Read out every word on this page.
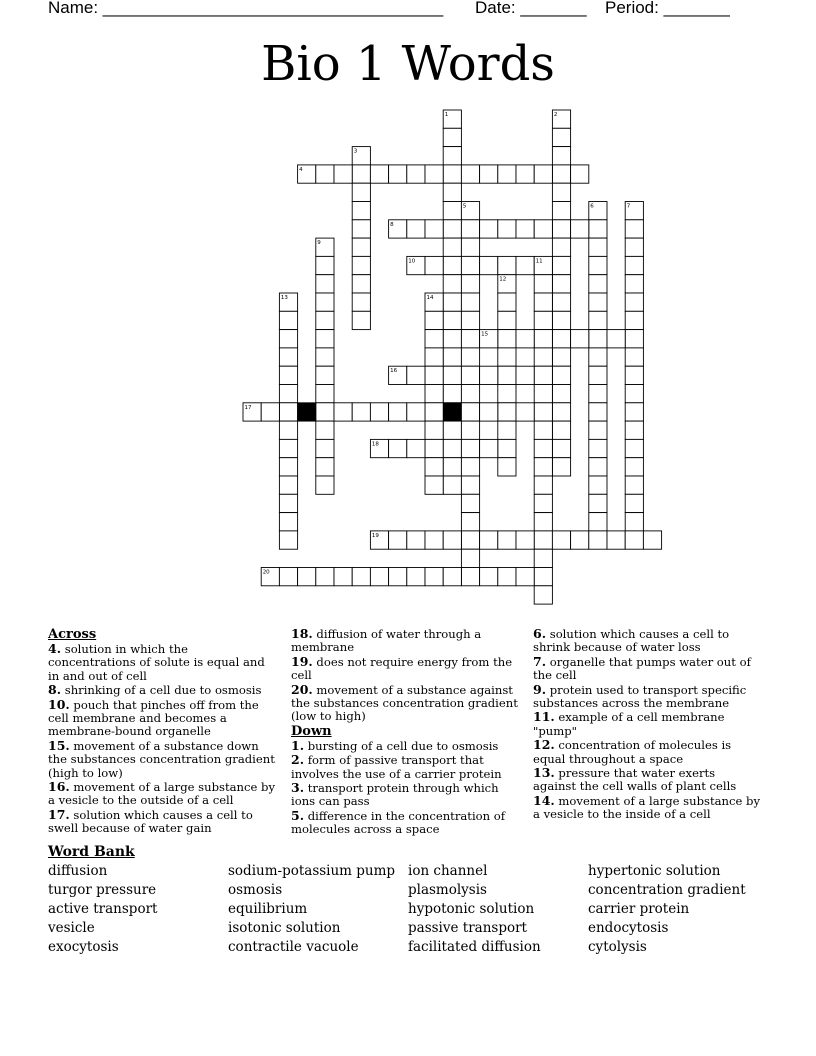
Name: ____________________________________ Date: _______ Period: _______
Bio 1 Words
1	2
3
4
5	6	7
8
9
10	11
12
13	14
15
16
17
18
19
20
Across
4. solution in which the concentrations of solute is equal and in and out of cell
8. shrinking of a cell due to osmosis
10. pouch that pinches off from the cell membrane and becomes a membrane-bound organelle
15. movement of a substance down the substances concentration gradient (high to low)
16. movement of a large substance by a vesicle to the outside of a cell
17. solution which causes a cell to swell because of water gain
18. diffusion of water through a membrane
19. does not require energy from the cell
20. movement of a substance against the substances concentration gradient (low to high)
Down
1. bursting of a cell due to osmosis
2. form of passive transport that involves the use of a carrier protein
3. transport protein through which ions can pass
5. difference in the concentration of molecules across a space
6. solution which causes a cell to shrink because of water loss
7. organelle that pumps water out of the cell
9. protein used to transport specific substances across the membrane
11. example of a cell membrane "pump"
12. concentration of molecules is equal throughout a space
13. pressure that water exerts against the cell walls of plant cells
14. movement of a large substance by a vesicle to the inside of a cell
Word Bank
diffusion
turgor pressure
active transport
vesicle
exocytosis
sodium-potassium pump
osmosis
equilibrium
isotonic solution
contractile vacuole
ion channel
plasmolysis
hypotonic solution
passive transport
facilitated diffusion
hypertonic solution
concentration gradient
carrier protein
endocytosis
cytolysis
